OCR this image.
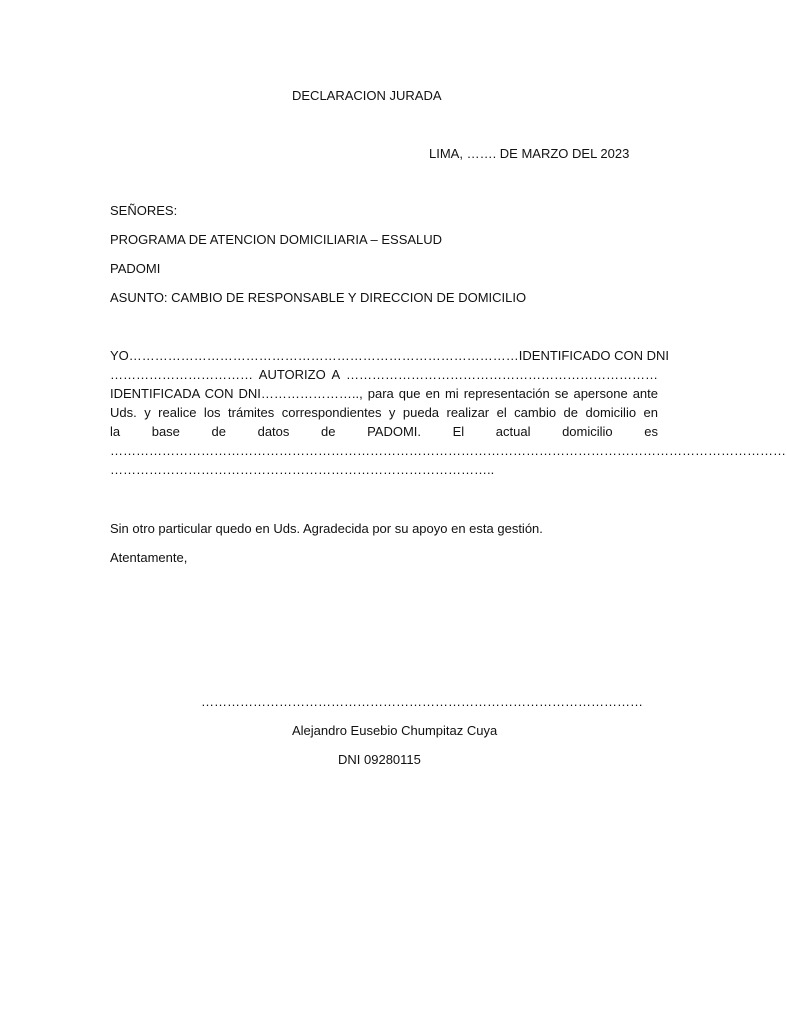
DECLARACION JURADA
LIMA, ……. DE MARZO DEL 2023
SEÑORES:
PROGRAMA DE ATENCION DOMICILIARIA – ESSALUD
PADOMI
ASUNTO: CAMBIO DE RESPONSABLE Y DIRECCION DE DOMICILIO
YO………………………………………………………………………………IDENTIFICADO CON DNI
…………………………… AUTORIZO A ………………………………………………………………
IDENTIFICADA CON DNI………………….., para que en mi representación se apersone ante
Uds. y realice los trámites correspondientes y pueda realizar el cambio de domicilio en
la base de datos de PADOMI. El actual domicilio es
…………………………………………………………………………………………………………………………………………
……………………………………………………………………………..
Sin otro particular quedo en Uds. Agradecida por su apoyo en esta gestión.
Atentamente,
…………………………………………………………………………………………
Alejandro Eusebio Chumpitaz Cuya
DNI 09280115
